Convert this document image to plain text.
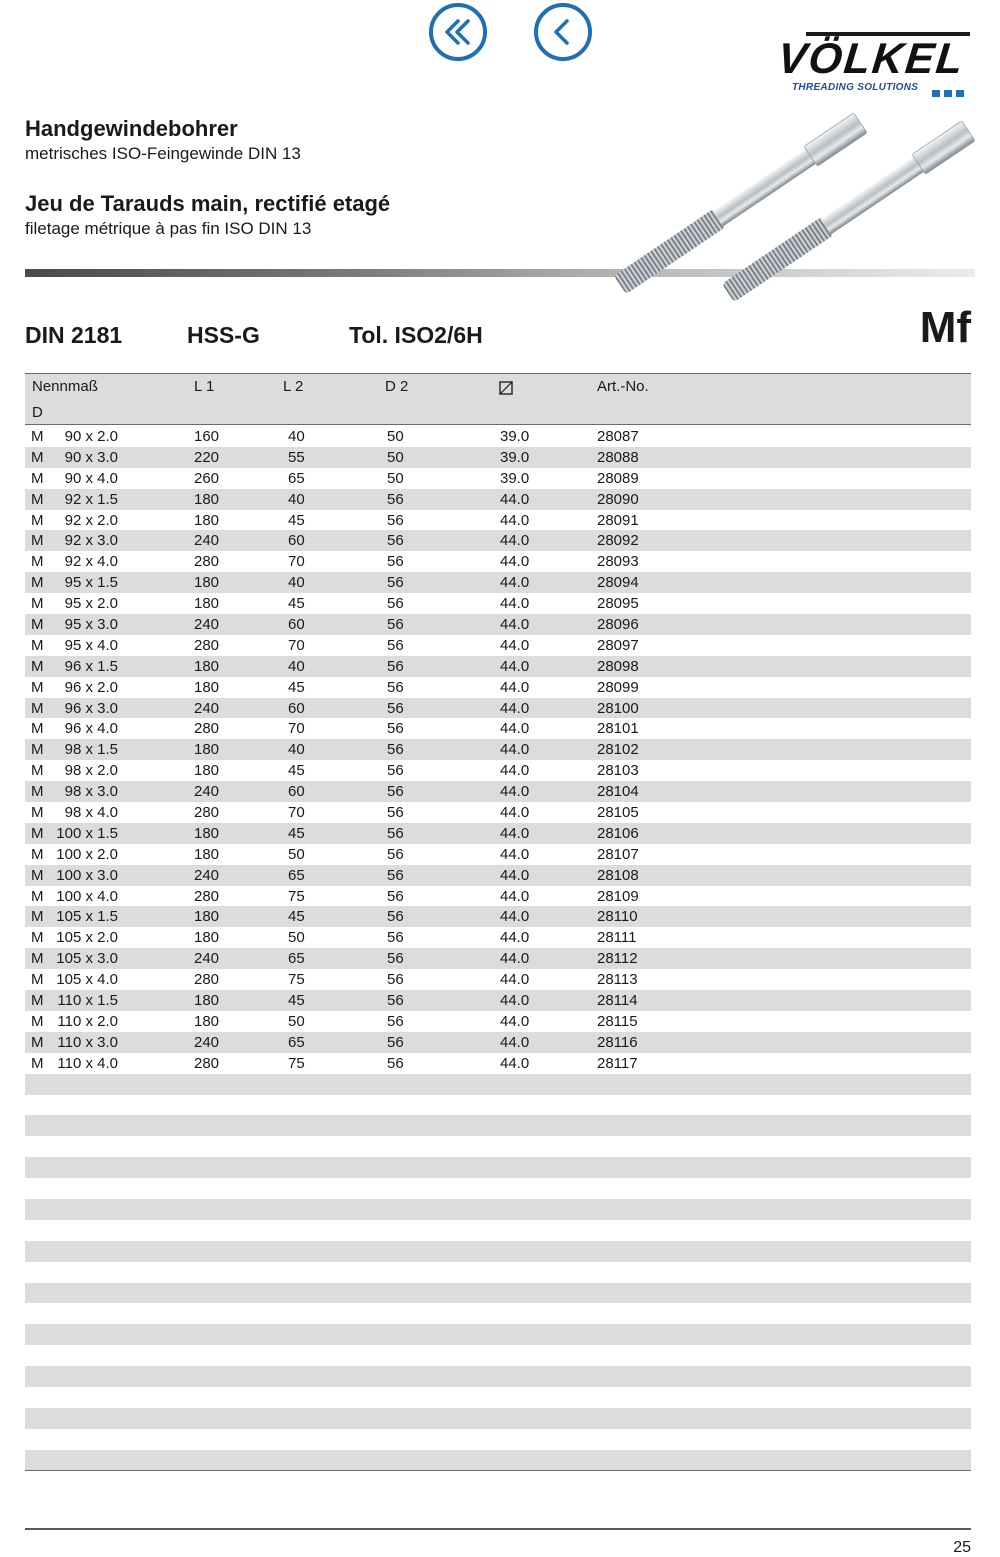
VÖLKEL
THREADING SOLUTIONS
Handgewindebohrer
metrisches ISO-Feingewinde DIN 13
Jeu de Tarauds main, rectifié etagé
filetage métrique à pas fin ISO DIN 13
DIN 2181	HSS-G	Tol. ISO2/6H	Mf
Nennmaß
D
L 1	L 2	D 2	Art.-No.
M	90 x 2.0	160	40	50	39.0	28087
M	90 x 3.0	220	55	50	39.0	28088
M	90 x 4.0	260	65	50	39.0	28089
M	92 x 1.5	180	40	56	44.0	28090
M	92 x 2.0	180	45	56	44.0	28091
M	92 x 3.0	240	60	56	44.0	28092
M	92 x 4.0	280	70	56	44.0	28093
M	95 x 1.5	180	40	56	44.0	28094
M	95 x 2.0	180	45	56	44.0	28095
M	95 x 3.0	240	60	56	44.0	28096
M	95 x 4.0	280	70	56	44.0	28097
M	96 x 1.5	180	40	56	44.0	28098
M	96 x 2.0	180	45	56	44.0	28099
M	96 x 3.0	240	60	56	44.0	28100
M	96 x 4.0	280	70	56	44.0	28101
M	98 x 1.5	180	40	56	44.0	28102
M	98 x 2.0	180	45	56	44.0	28103
M	98 x 3.0	240	60	56	44.0	28104
M	98 x 4.0	280	70	56	44.0	28105
M 100 x 1.5	180	45	56	44.0	28106
M 100 x 2.0	180	50	56	44.0	28107
M 100 x 3.0	240	65	56	44.0	28108
M 100 x 4.0	280	75	56	44.0	28109
M 105 x 1.5	180	45	56	44.0	28110
M 105 x 2.0	180	50	56	44.0	28111
M 105 x 3.0	240	65	56	44.0	28112
M 105 x 4.0	280	75	56	44.0	28113
M 110 x 1.5	180	45	56	44.0	28114
M 110 x 2.0	180	50	56	44.0	28115
M 110 x 3.0	240	65	56	44.0	28116
M 110 x 4.0	280	75	56	44.0	28117
25
